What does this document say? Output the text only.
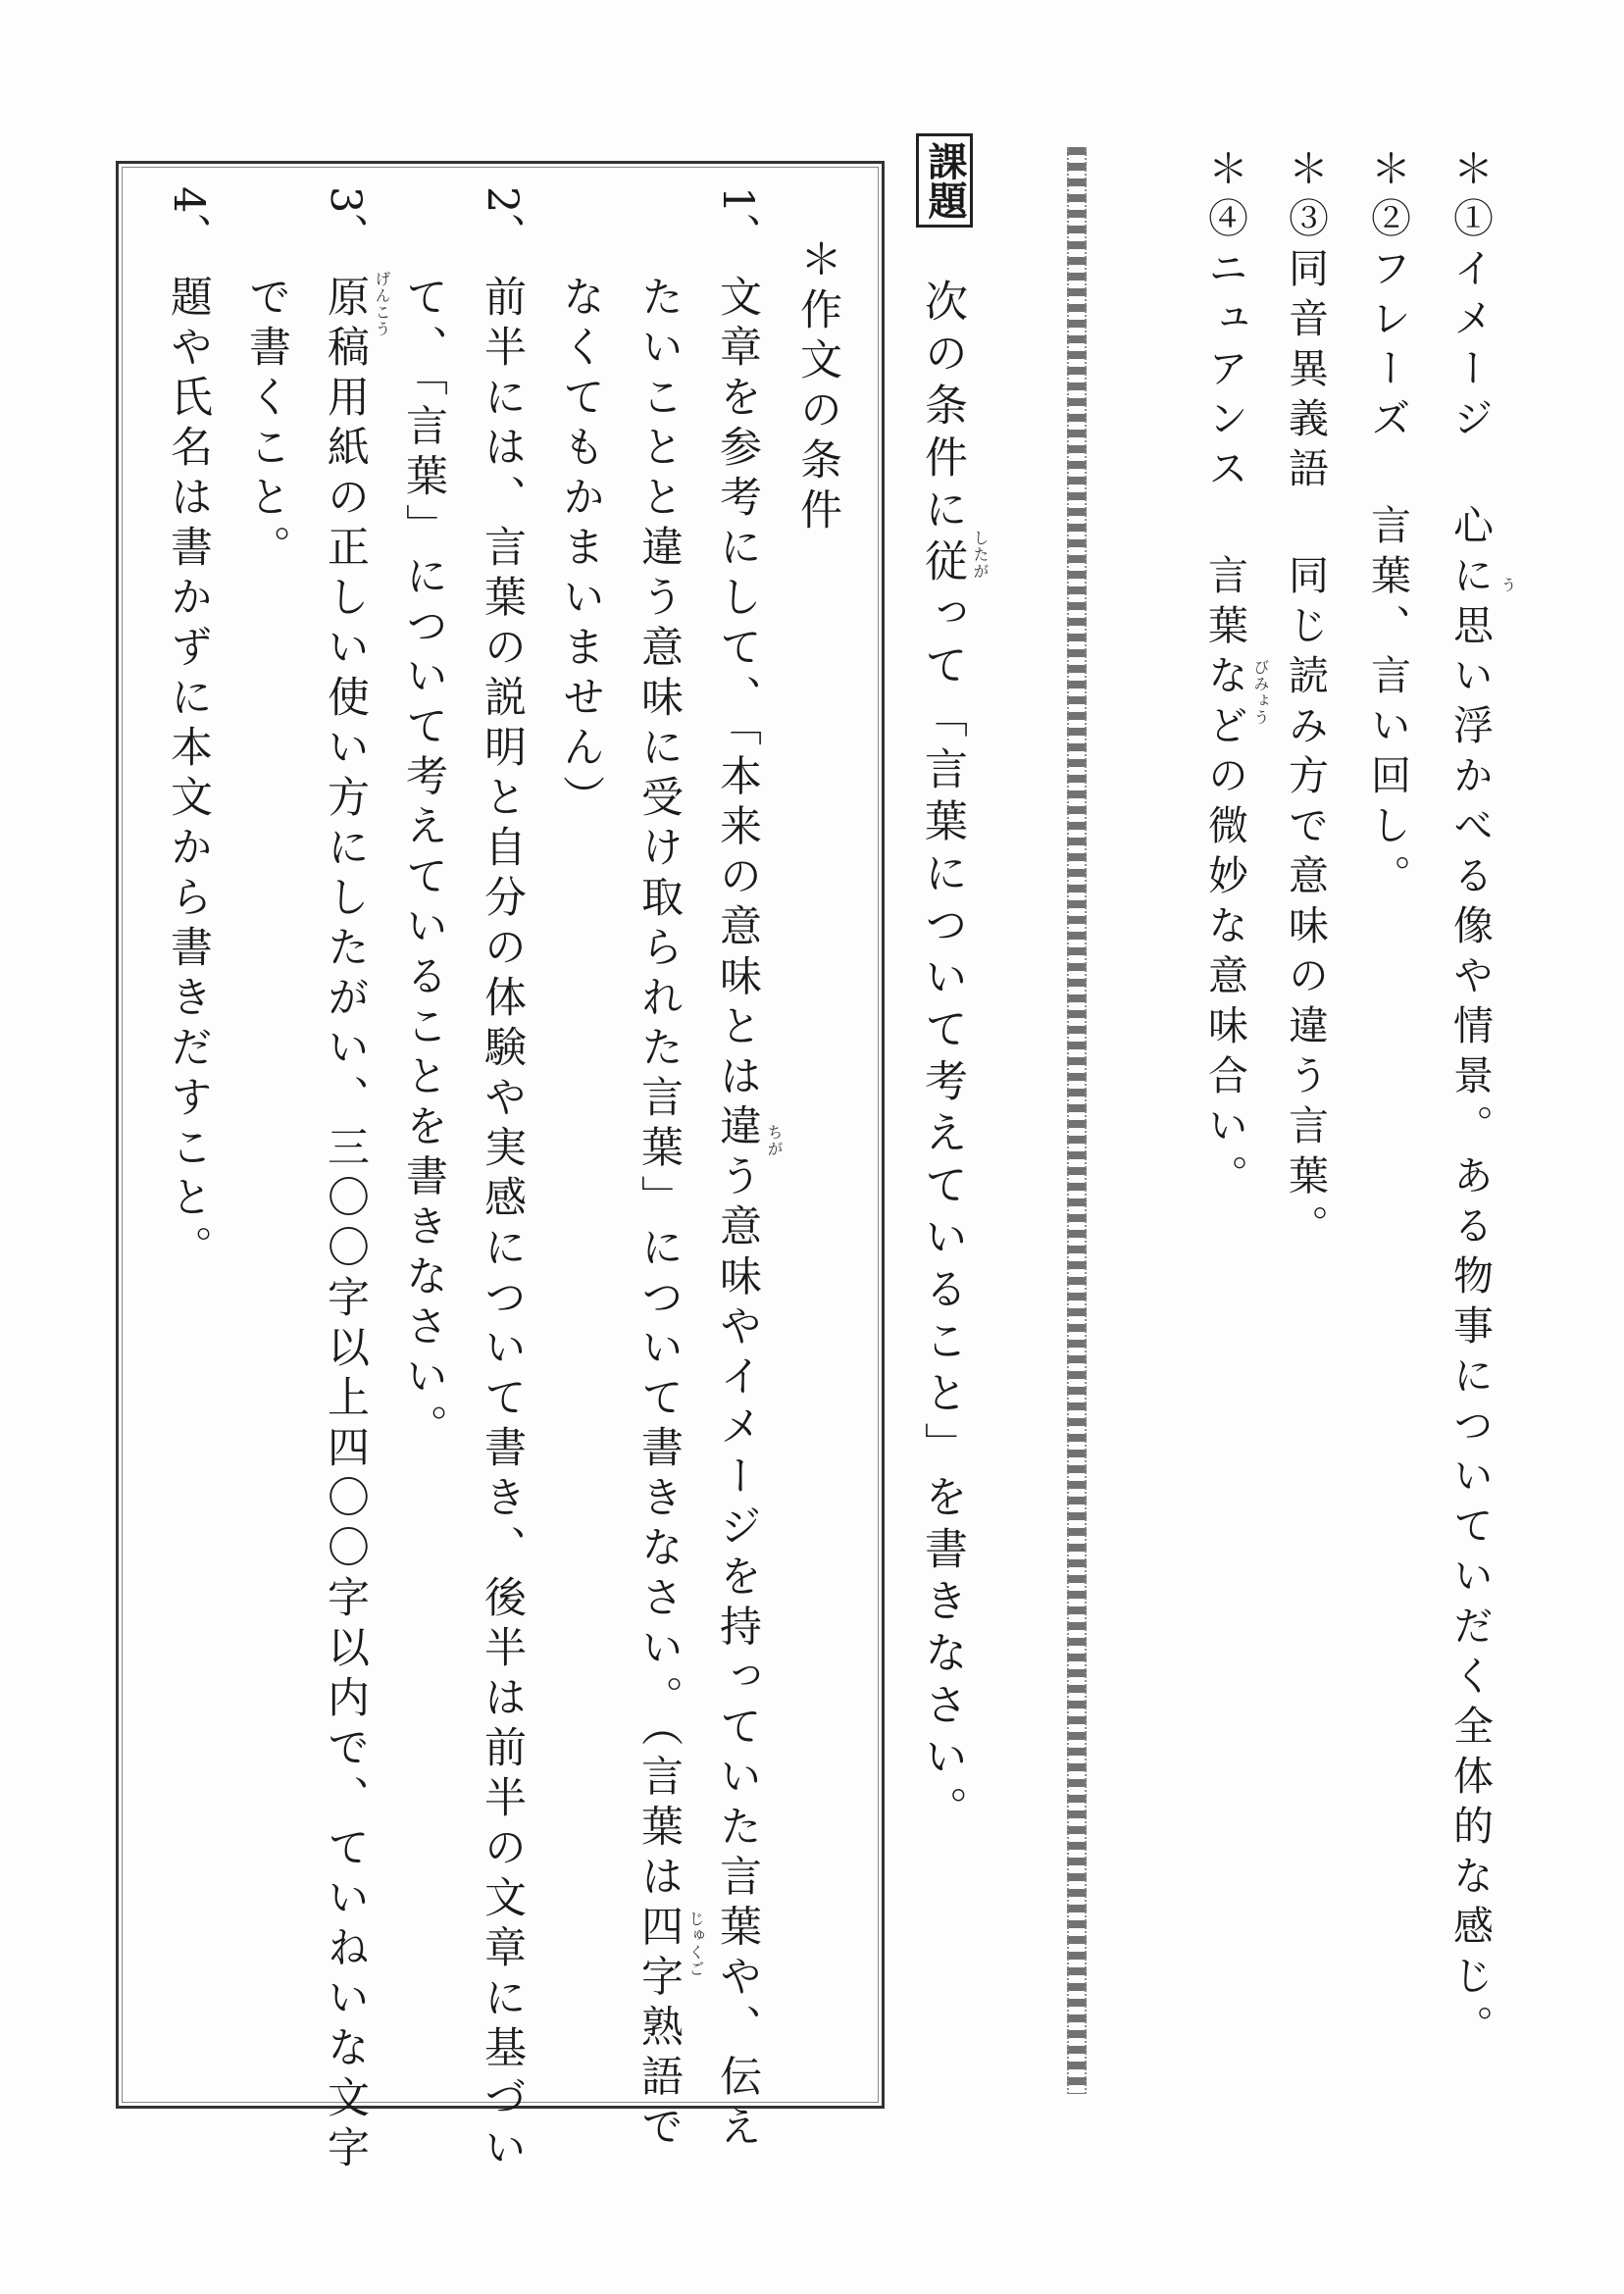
＊①イメージ 心に思い浮かべる像や情景。ある物事についていだく全体的な感じ。
＊②フレーズ 言葉、言い回し。
＊③同音異義語 同じ読み方で意味の違う言葉。
＊④ニュアンス 言葉などの微妙な意味合い。	う
びみょう
課題
次の条件に従って「言葉について考えていること」を書きなさい。 したが
＊作文の条件
1、
文章を参考にして、「本来の意味とは違う意味やイメージを持っていた言葉や、伝え
たいことと違う意味に受け取られた言葉」について書きなさい。（言葉は四字熟語で
なくてもかまいません）
ちが
じゅくご
2、
前半には、言葉の説明と自分の体験や実感について書き、後半は前半の文章に基づい
て、「言葉」について考えていることを書きなさい。
3、
原稿用紙の正しい使い方にしたがい、三〇〇字以上四〇〇字以内で、ていねいな文字
で書くこと。	げんこう
4、
題や氏名は書かずに本文から書きだすこと。
